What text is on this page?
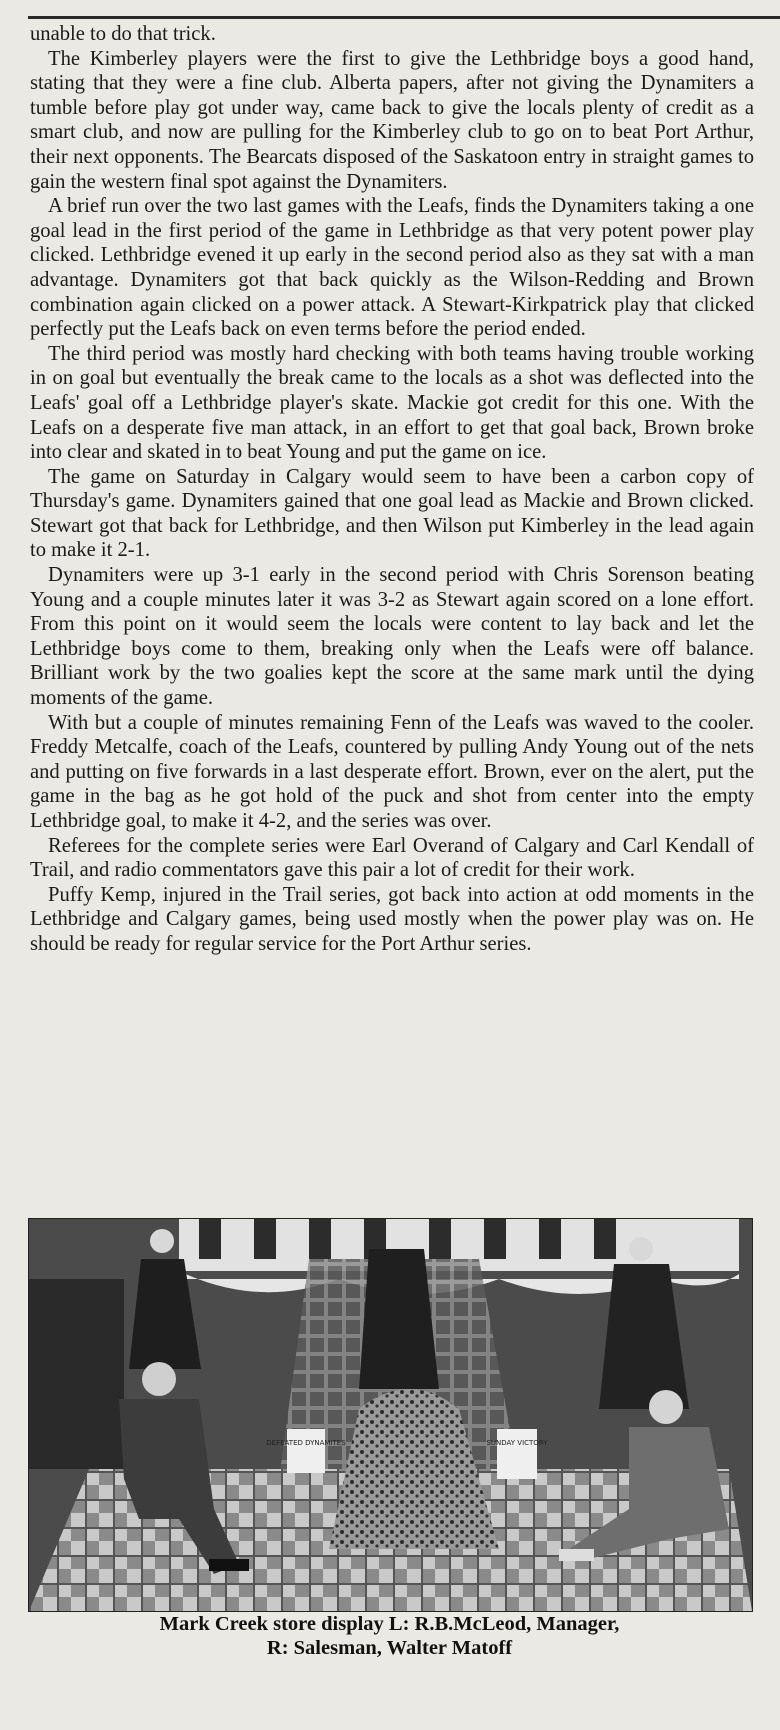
unable to do that trick.

The Kimberley players were the first to give the Lethbridge boys a good hand, stating that they were a fine club. Alberta papers, after not giving the Dynamiters a tumble before play got under way, came back to give the locals plenty of credit as a smart club, and now are pulling for the Kimberley club to go on to beat Port Arthur, their next opponents. The Bearcats disposed of the Saskatoon entry in straight games to gain the western final spot against the Dynamiters.

A brief run over the two last games with the Leafs, finds the Dynamiters taking a one goal lead in the first period of the game in Lethbridge as that very potent power play clicked. Lethbridge evened it up early in the second period also as they sat with a man advantage. Dynamiters got that back quickly as the Wilson-Redding and Brown combination again clicked on a power attack. A Stewart-Kirkpatrick play that clicked perfectly put the Leafs back on even terms before the period ended.

The third period was mostly hard checking with both teams having trouble working in on goal but eventually the break came to the locals as a shot was deflected into the Leafs' goal off a Lethbridge player's skate. Mackie got credit for this one. With the Leafs on a desperate five man attack, in an effort to get that goal back, Brown broke into clear and skated in to beat Young and put the game on ice.

The game on Saturday in Calgary would seem to have been a carbon copy of Thursday's game. Dynamiters gained that one goal lead as Mackie and Brown clicked. Stewart got that back for Lethbridge, and then Wilson put Kimberley in the lead again to make it 2-1.

Dynamiters were up 3-1 early in the second period with Chris Sorenson beating Young and a couple minutes later it was 3-2 as Stewart again scored on a lone effort. From this point on it would seem the locals were content to lay back and let the Lethbridge boys come to them, breaking only when the Leafs were off balance. Brilliant work by the two goalies kept the score at the same mark until the dying moments of the game.

With but a couple of minutes remaining Fenn of the Leafs was waved to the cooler. Freddy Metcalfe, coach of the Leafs, countered by pulling Andy Young out of the nets and putting on five forwards in a last desperate effort. Brown, ever on the alert, put the game in the bag as he got hold of the puck and shot from center into the empty Lethbridge goal, to make it 4-2, and the series was over.

Referees for the complete series were Earl Overand of Calgary and Carl Kendall of Trail, and radio commentators gave this pair a lot of credit for their work.

Puffy Kemp, injured in the Trail series, got back into action at odd moments in the Lethbridge and Calgary games, being used mostly when the power play was on. He should be ready for regular service for the Port Arthur series.

DEFEATED DYNAMITES	SUNDAY VICTORY
Mark Creek store display L: R.B.McLeod, Manager,
R: Salesman, Walter Matoff
